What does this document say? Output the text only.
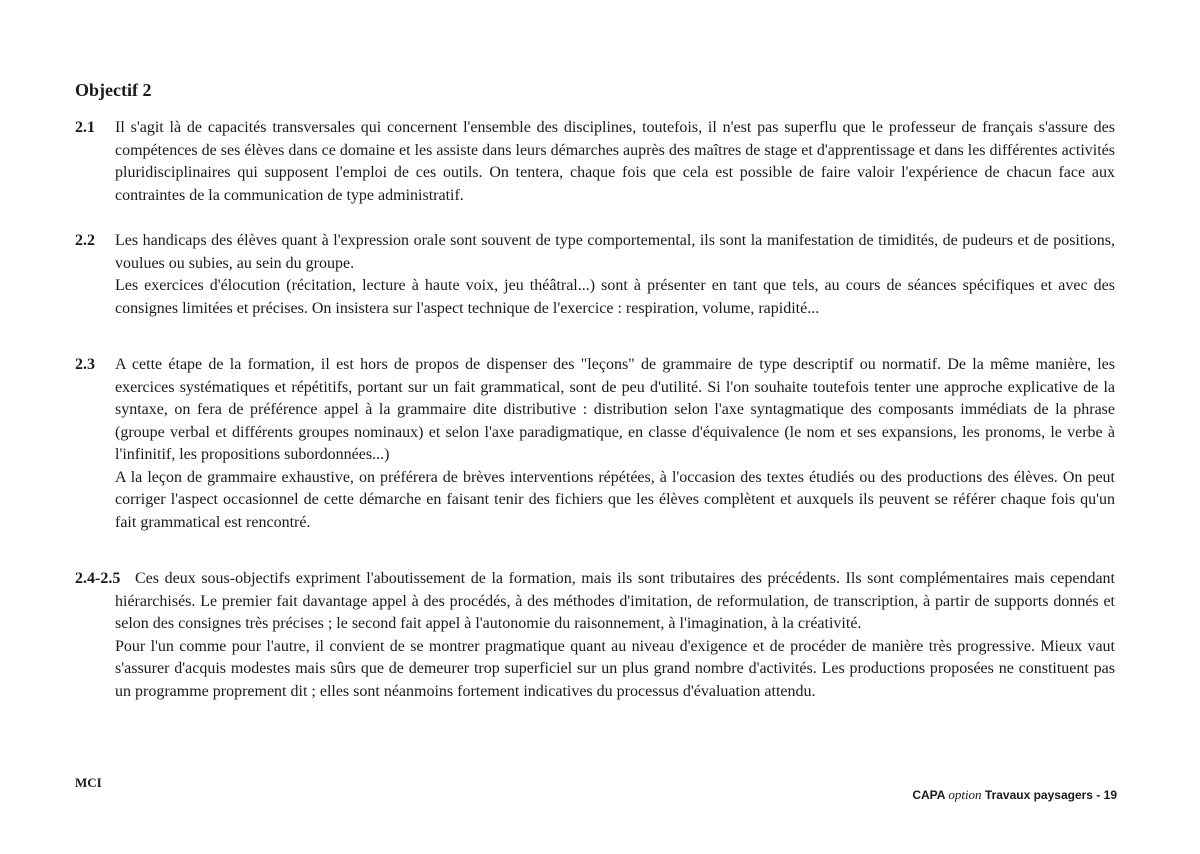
Objectif 2
2.1 Il s'agit là de capacités transversales qui concernent l'ensemble des disciplines, toutefois, il n'est pas superflu que le professeur de français s'assure des compétences de ses élèves dans ce domaine et les assiste dans leurs démarches auprès des maîtres de stage et d'apprentissage et dans les différentes activités pluridisciplinaires qui supposent l'emploi de ces outils. On tentera, chaque fois que cela est possible de faire valoir l'expérience de chacun face aux contraintes de la communication de type administratif.

2.2 Les handicaps des élèves quant à l'expression orale sont souvent de type comportemental, ils sont la manifestation de timidités, de pudeurs et de positions, voulues ou subies, au sein du groupe.

Les exercices d'élocution (récitation, lecture à haute voix, jeu théâtral...) sont à présenter en tant que tels, au cours de séances spécifiques et avec des consignes limitées et précises. On insistera sur l'aspect technique de l'exercice : respiration, volume, rapidité...

2.3 A cette étape de la formation, il est hors de propos de dispenser des "leçons" de grammaire de type descriptif ou normatif. De la même manière, les exercices systématiques et répétitifs, portant sur un fait grammatical, sont de peu d'utilité. Si l'on souhaite toutefois tenter une approche explicative de la syntaxe, on fera de préférence appel à la grammaire dite distributive : distribution selon l'axe syntagmatique des composants immédiats de la phrase (groupe verbal et différents groupes nominaux) et selon l'axe paradigmatique, en classe d'équivalence (le nom et ses expansions, les pronoms, le verbe à l'infinitif, les propositions subordonnées...)

A la leçon de grammaire exhaustive, on préférera de brèves interventions répétées, à l'occasion des textes étudiés ou des productions des élèves. On peut corriger l'aspect occasionnel de cette démarche en faisant tenir des fichiers que les élèves complètent et auxquels ils peuvent se référer chaque fois qu'un fait grammatical est rencontré.

2.4-2.5 Ces deux sous-objectifs expriment l'aboutissement de la formation, mais ils sont tributaires des précédents. Ils sont complémentaires mais cependant hiérarchisés. Le premier fait davantage appel à des procédés, à des méthodes d'imitation, de reformulation, de transcription, à partir de supports donnés et selon des consignes très précises ; le second fait appel à l'autonomie du raisonnement, à l'imagination, à la créativité.

Pour l'un comme pour l'autre, il convient de se montrer pragmatique quant au niveau d'exigence et de procéder de manière très progressive. Mieux vaut s'assurer d'acquis modestes mais sûrs que de demeurer trop superficiel sur un plus grand nombre d'activités. Les productions proposées ne constituent pas un programme proprement dit ; elles sont néanmoins fortement indicatives du processus d'évaluation attendu.

MCI
CAPA option Travaux paysagers - 19
